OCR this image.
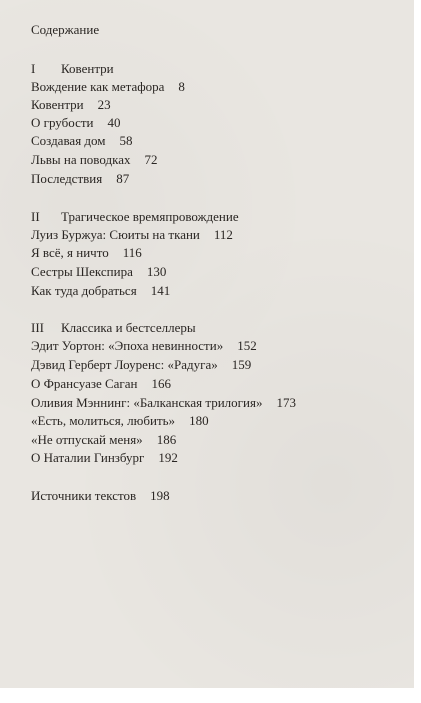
Содержание
I Ковентри
Вождение как метафора 8
Ковентри 23
О грубости 40
Создавая дом 58
Львы на поводках 72
Последствия 87
II Трагическое времяпровождение
Луиз Буржуа: Сюиты на ткани 112
Я всё, я ничто 116
Сестры Шекспира 130
Как туда добраться 141
III Классика и бестселлеры
Эдит Уортон: «Эпоха невинности» 152
Дэвид Герберт Лоуренс: «Радуга» 159
О Франсуазе Саган 166
Оливия Мэннинг: «Балканская трилогия» 173
«Есть, молиться, любить» 180
«Не отпускай меня» 186
О Наталии Гинзбург 192
Источники текстов 198
